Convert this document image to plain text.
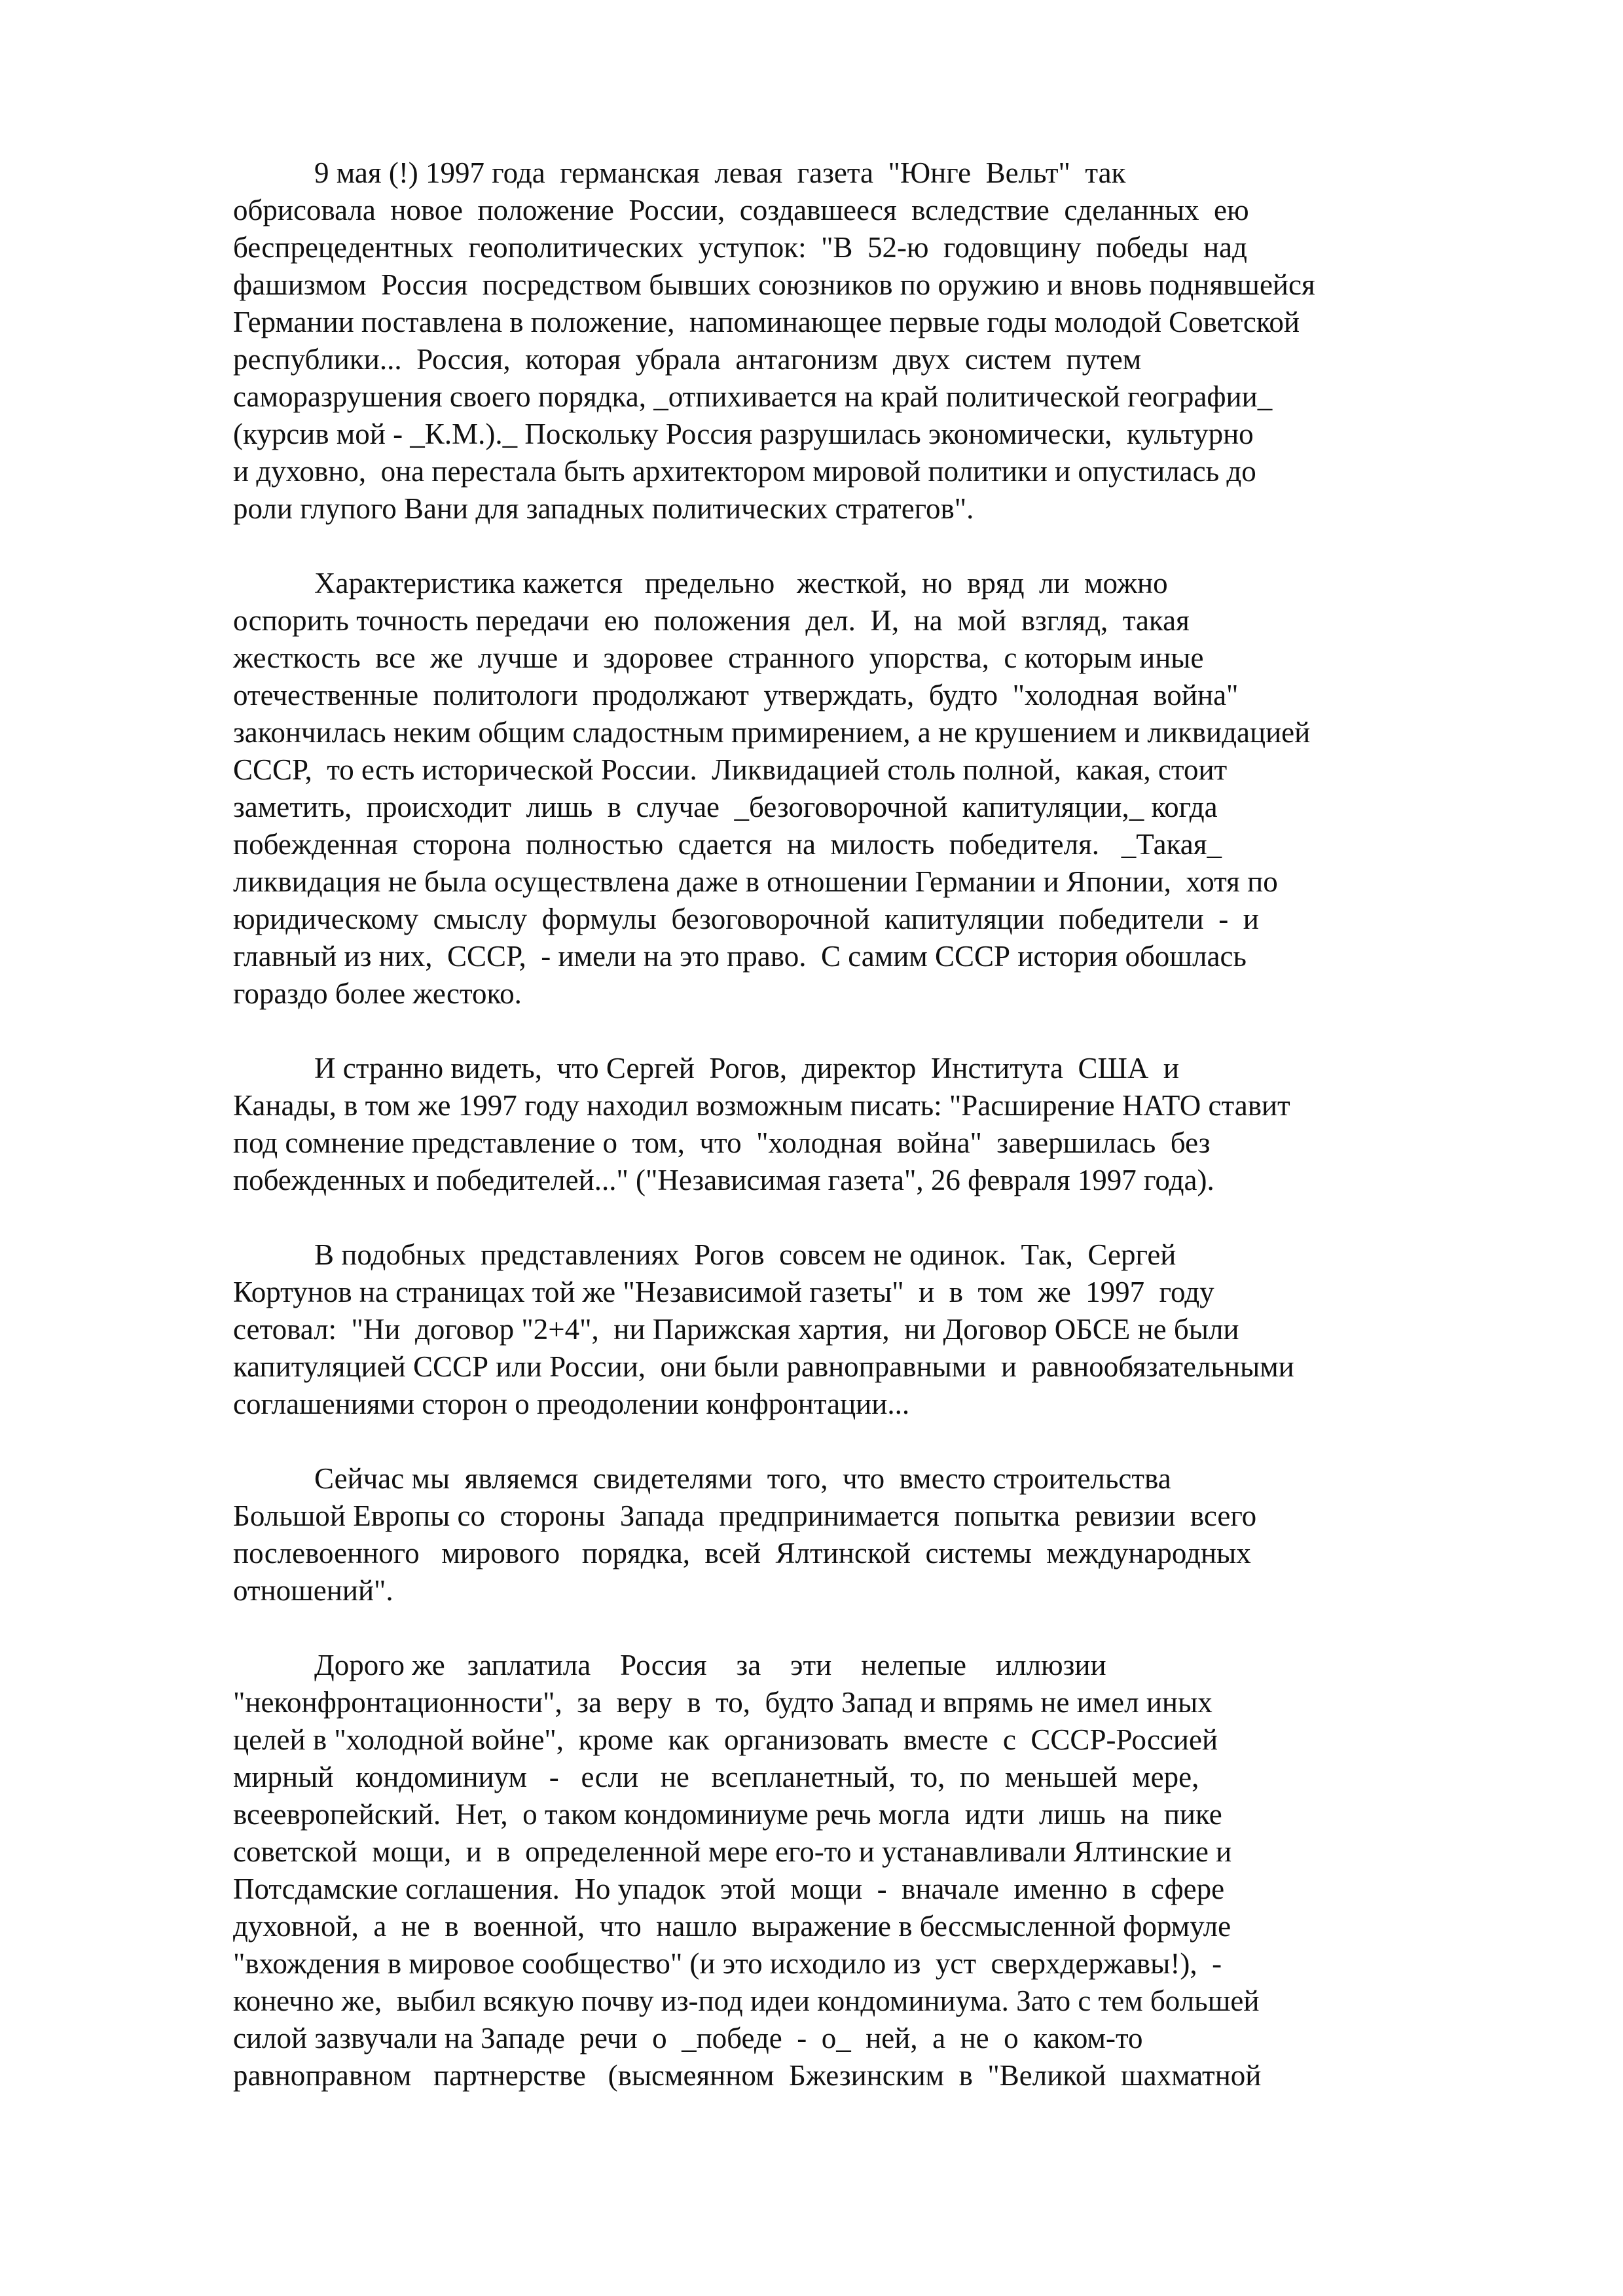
9 мая (!) 1997 года  германская  левая  газета  "Юнге  Вельт"  так
обрисовала  новое  положение  России,  создавшееся  вследствие  сделанных  ею
беспрецедентных  геополитических  уступок:  "В  52-ю  годовщину  победы  над
фашизмом  Россия  посредством бывших союзников по оружию и вновь поднявшейся
Германии поставлена в положение,  напоминающее первые годы молодой Советской
республики...  Россия,  которая  убрала  антагонизм  двух  систем  путем
саморазрушения своего порядка, _отпихивается на край политической географии_
(курсив мой - _К.М.)._ Поскольку Россия разрушилась экономически,  культурно
и духовно,  она перестала быть архитектором мировой политики и опустилась до
роли глупого Вани для западных политических стратегов".
Характеристика кажется   предельно   жесткой,  но  вряд  ли  можно
оспорить точность передачи  ею  положения  дел.  И,  на  мой  взгляд,  такая
жесткость  все  же  лучше  и  здоровее  странного  упорства,  с которым иные
отечественные  политологи  продолжают  утверждать,  будто  "холодная  война"
закончилась неким общим сладостным примирением, а не крушением и ликвидацией
СССР,  то есть исторической России.  Ликвидацией столь полной,  какая, стоит
заметить,  происходит  лишь  в  случае  _безоговорочной  капитуляции,_ когда
побежденная  сторона  полностью  сдается  на  милость  победителя.   _Такая_
ликвидация не была осуществлена даже в отношении Германии и Японии,  хотя по
юридическому  смыслу  формулы  безоговорочной  капитуляции  победители  -  и
главный из них,  СССР,  - имели на это право.  С самим СССР история обошлась
гораздо более жестоко.
И странно видеть,  что Сергей  Рогов,  директор  Института  США  и
Канады, в том же 1997 году находил возможным писать: "Расширение НАТО ставит
под сомнение представление о  том,  что  "холодная  война"  завершилась  без
побежденных и победителей..." ("Независимая газета", 26 февраля 1997 года).
В подобных  представлениях  Рогов  совсем не одинок.  Так,  Сергей
Кортунов на страницах той же "Независимой газеты"  и  в  том  же  1997  году
сетовал:  "Ни  договор "2+4",  ни Парижская хартия,  ни Договор ОБСЕ не были
капитуляцией СССР или России,  они были равноправными  и  равнообязательными
соглашениями сторон о преодолении конфронтации...
Сейчас мы  являемся  свидетелями  того,  что  вместо строительства
Большой Европы со  стороны  Запада  предпринимается  попытка  ревизии  всего
послевоенного   мирового   порядка,  всей  Ялтинской  системы  международных
отношений".
Дорого же   заплатила    Россия    за    эти    нелепые    иллюзии
"неконфронтационности",  за  веру  в  то,  будто Запад и впрямь не имел иных
целей в "холодной войне",  кроме  как  организовать  вместе  с  СССР-Россией
мирный   кондоминиум   -   если   не   всепланетный,  то,  по  меньшей  мере,
всеевропейский.  Нет,  о таком кондоминиуме речь могла  идти  лишь  на  пике
советской  мощи,  и  в  определенной мере его-то и устанавливали Ялтинские и
Потсдамские соглашения.  Но упадок  этой  мощи  -  вначале  именно  в  сфере
духовной,  а  не  в  военной,  что  нашло  выражение в бессмысленной формуле
"вхождения в мировое сообщество" (и это исходило из  уст  сверхдержавы!),  -
конечно же,  выбил всякую почву из-под идеи кондоминиума. Зато с тем большей
силой зазвучали на Западе  речи  о  _победе  -  о_  ней,  а  не  о  каком-то
равноправном   партнерстве   (высмеянном  Бжезинским  в  "Великой  шахматной
